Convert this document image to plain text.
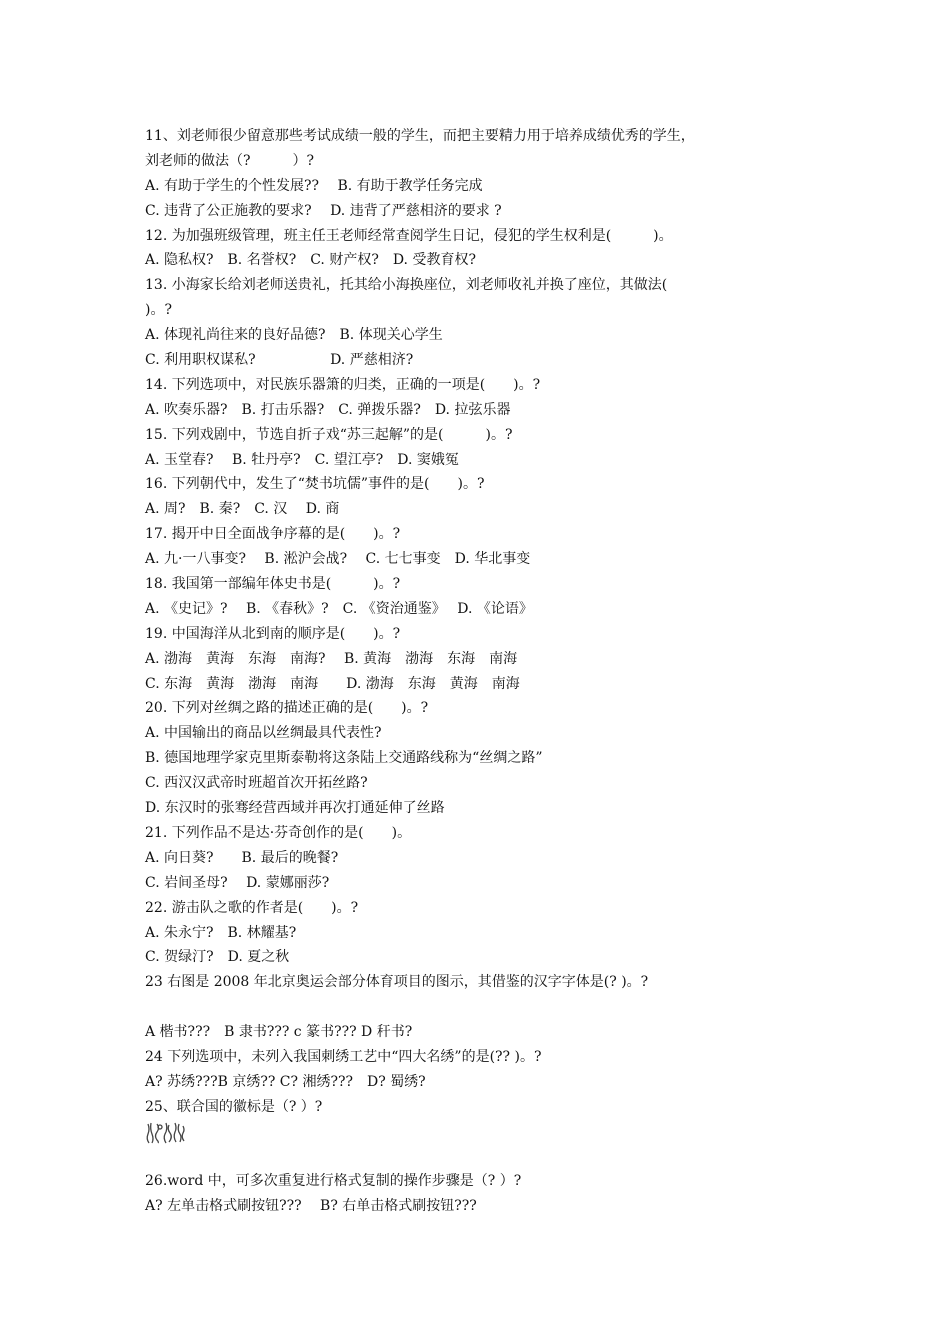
11、刘老师很少留意那些考试成绩一般的学生，而把主要精力用于培养成绩优秀的学生，
刘老师的做法（?　　　）?
A. 有助于学生的个性发展??　 B. 有助于教学任务完成
C. 违背了公正施教的要求?　 D. 违背了严慈相济的要求 ?
12. 为加强班级管理，班主任王老师经常查阅学生日记，侵犯的学生权利是(　　　)。
A. 隐私权?　B. 名誉权?　C. 财产权?　D. 受教育权?
13. 小海家长给刘老师送贵礼，托其给小海换座位，刘老师收礼并换了座位，其做法(
)。?
A. 体现礼尚往来的良好品德?　B. 体现关心学生
C. 利用职权谋私?　　　　　 D. 严慈相济?
14. 下列选项中，对民族乐器箫的归类，正确的一项是(　　)。?
A. 吹奏乐器?　B. 打击乐器?　C. 弹拨乐器?　D. 拉弦乐器
15. 下列戏剧中，节选自折子戏“苏三起解”的是(　　　)。?
A. 玉堂春?　 B. 牡丹亭?　C. 望江亭?　D. 窦娥冤
16. 下列朝代中，发生了“焚书坑儒”事件的是(　　)。?
A. 周?　B. 秦?　C. 汉　 D. 商
17. 揭开中日全面战争序幕的是(　　)。?
A. 九·一八事变?　 B. 淞沪会战?　 C. 七七事变　D. 华北事变
18. 我国第一部编年体史书是(　　　)。?
A. 《史记》?　 B. 《春秋》?　C. 《资治通鉴》　 D. 《论语》
19. 中国海洋从北到南的顺序是(　　)。?
A. 渤海　黄海　东海　南海?　 B. 黄海　渤海　东海　南海
C. 东海　黄海　渤海　南海　　D. 渤海　东海　黄海　南海
20. 下列对丝绸之路的描述正确的是(　　)。?
A. 中国输出的商品以丝绸最具代表性?
B. 德国地理学家克里斯泰勒将这条陆上交通路线称为“丝绸之路”
C. 西汉汉武帝时班超首次开拓丝路?
D. 东汉时的张骞经营西域并再次打通延伸了丝路
21. 下列作品不是达·芬奇创作的是(　　)。
A. 向日葵?　　B. 最后的晚餐?
C. 岩间圣母?　 D. 蒙娜丽莎?
22. 游击队之歌的作者是(　　)。?
A. 朱永宁?　B. 林耀基?
C. 贺绿汀?　D. 夏之秋
23 右图是 2008 年北京奥运会部分体育项目的图示，其借鉴的汉字字体是(? )。?
A 楷书???　B 隶书??? c 篆书??? D 秆书?
24 下列选项中，未列入我国刺绣工艺中“四大名绣”的是(?? )。?
A? 苏绣???B 京绣?? C? 湘绣???　D? 蜀绣?
25、联合国的徽标是（? ）?
26.word 中，可多次重复进行格式复制的操作步骤是（? ）?
A? 左单击格式刷按钮???　 B? 右单击格式刷按钮???
